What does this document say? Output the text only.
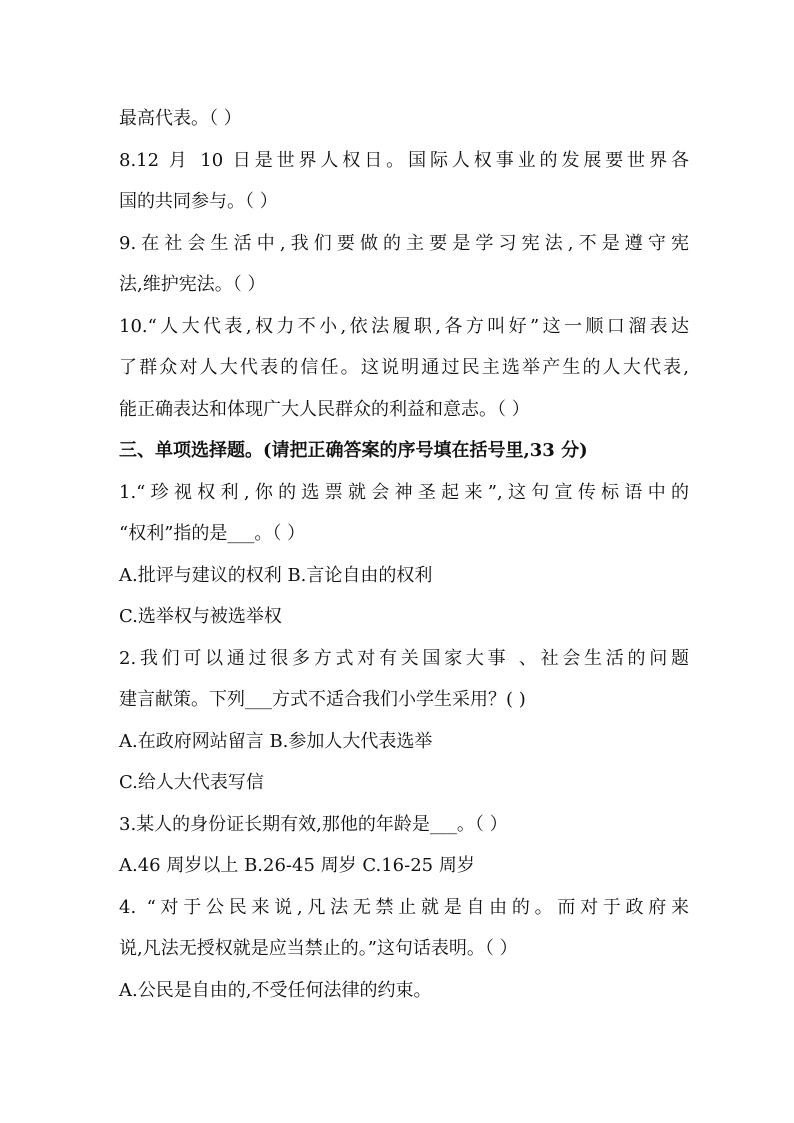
最高代表。（ ）
8.12 月 10 日是世界人权日。国际人权事业的发展要世界各
国的共同参与。（ ）
9.在社会生活中,我们要做的主要是学习宪法,不是遵守宪
法,维护宪法。（ ）
10.“人大代表,权力不小,依法履职,各方叫好”这一顺口溜表达
了群众对人大代表的信任。这说明通过民主选举产生的人大代表,
能正确表达和体现广大人民群众的利益和意志。（ ）
三、单项选择题。(请把正确答案的序号填在括号里,33 分)
1.“珍视权利,你的选票就会神圣起来”,这句宣传标语中的
“权利”指的是___。（ ）
A.批评与建议的权利 B.言论自由的权利
C.选举权与被选举权
2.我们可以通过很多方式对有关国家大事 、社会生活的问题
建言献策。下列___方式不适合我们小学生采用？( )
A.在政府网站留言 B.参加人大代表选举
C.给人大代表写信
3.某人的身份证长期有效,那他的年龄是___。（ ）
A.46 周岁以上 B.26-45 周岁 C.16-25 周岁
4. “对于公民来说,凡法无禁止就是自由的。而对于政府来
说,凡法无授权就是应当禁止的。”这句话表明。（ ）
A.公民是自由的,不受任何法律的约束。
